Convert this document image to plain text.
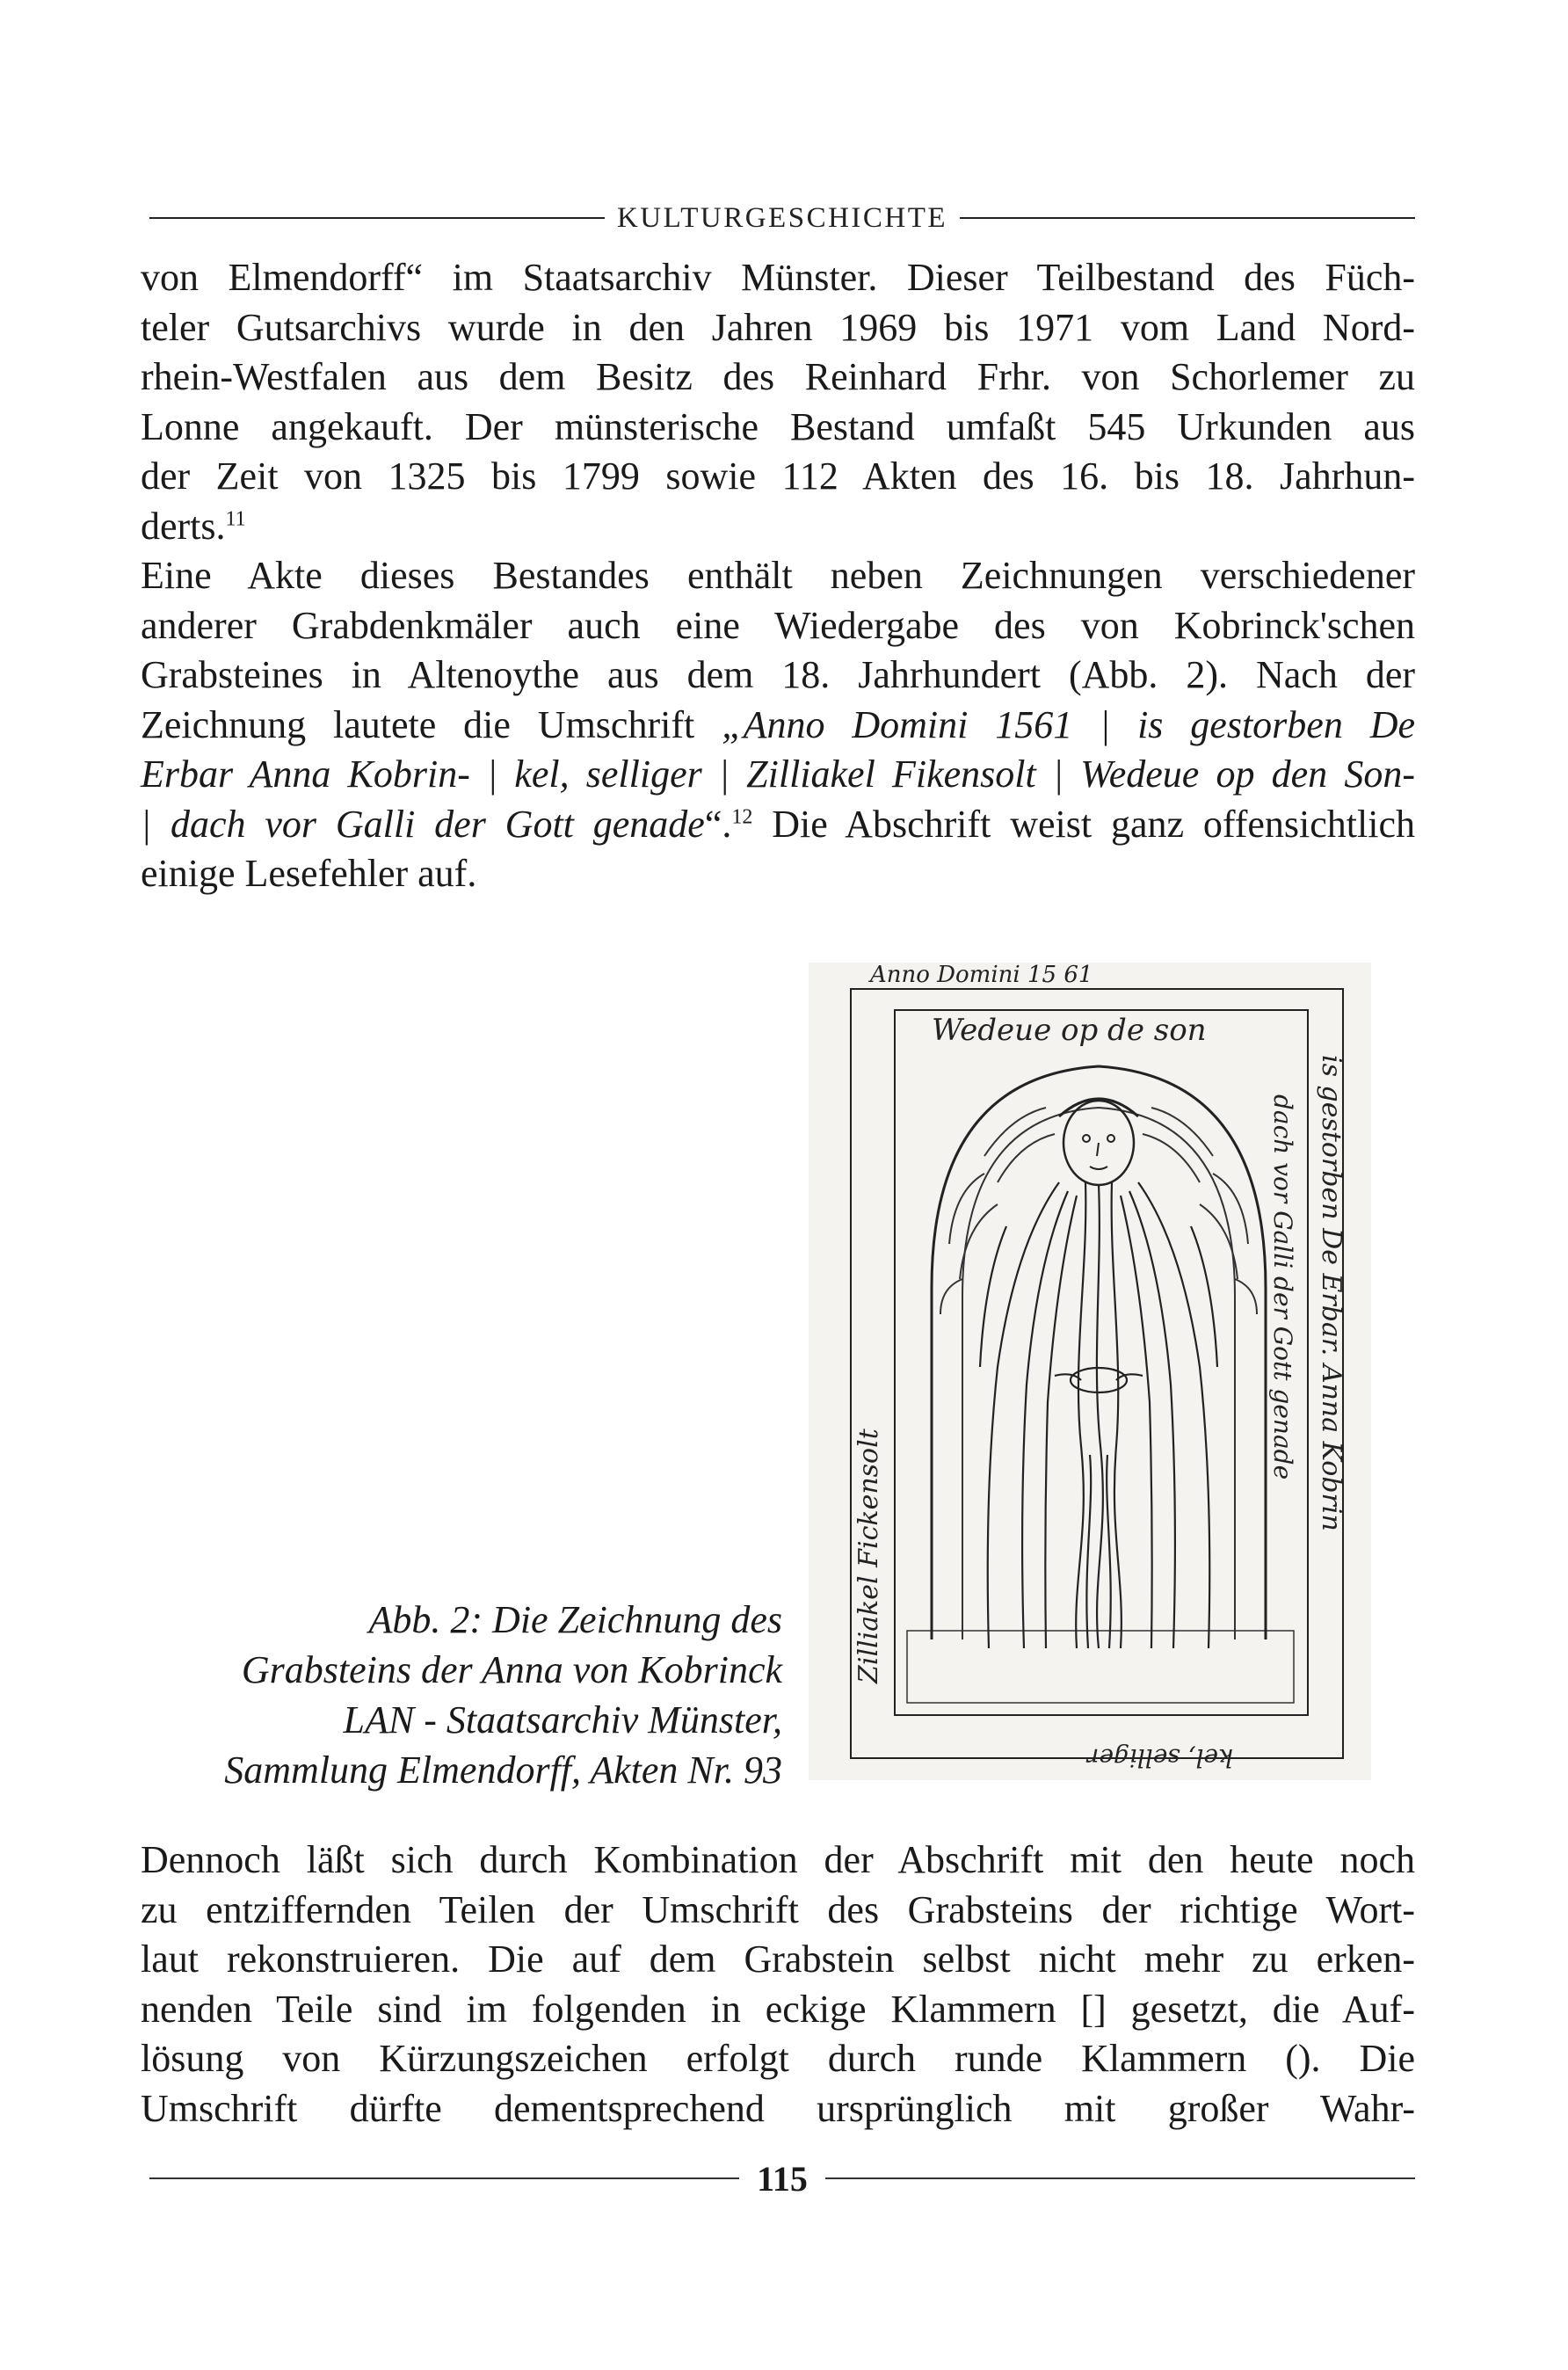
KULTURGESCHICHTE
von Elmendorff“ im Staatsarchiv Münster. Dieser Teilbestand des Füch-
teler Gutsarchivs wurde in den Jahren 1969 bis 1971 vom Land Nord-
rhein-Westfalen aus dem Besitz des Reinhard Frhr. von Schorlemer zu
Lonne angekauft. Der münsterische Bestand umfaßt 545 Urkunden aus
der Zeit von 1325 bis 1799 sowie 112 Akten des 16. bis 18. Jahrhun-
derts.$^{11}$
Eine Akte dieses Bestandes enthält neben Zeichnungen verschiedener
anderer Grabdenkmäler auch eine Wiedergabe des von Kobrinck'schen
Grabsteines in Altenoythe aus dem 18. Jahrhundert (Abb. 2). Nach der
Zeichnung lautete die Umschrift „Anno Domini 1561 | is gestorben De
Erbar Anna Kobrin- | kel, selliger | Zilliakel Fikensolt | Wedeue op den Son-
| dach vor Galli der Gott genade“.$^{12}$ Die Abschrift weist ganz offensichtlich
einige Lesefehler auf.
Abb. 2: Die Zeichnung des
Grabsteins der Anna von Kobrinck
LAN - Staatsarchiv Münster,
Sammlung Elmendorff, Akten Nr. 93
Anno Domini 15 61
Wedeue op de son
is gestorben De Erbar. Anna Kobrin
dach vor Galli der Gott genade
Zilliakel Fickensolt
kel, selliger
Dennoch läßt sich durch Kombination der Abschrift mit den heute noch
zu entziffernden Teilen der Umschrift des Grabsteins der richtige Wort-
laut rekonstruieren. Die auf dem Grabstein selbst nicht mehr zu erken-
nenden Teile sind im folgenden in eckige Klammern [] gesetzt, die Auf-
lösung von Kürzungszeichen erfolgt durch runde Klammern (). Die
Umschrift dürfte dementsprechend ursprünglich mit großer Wahr-
115
